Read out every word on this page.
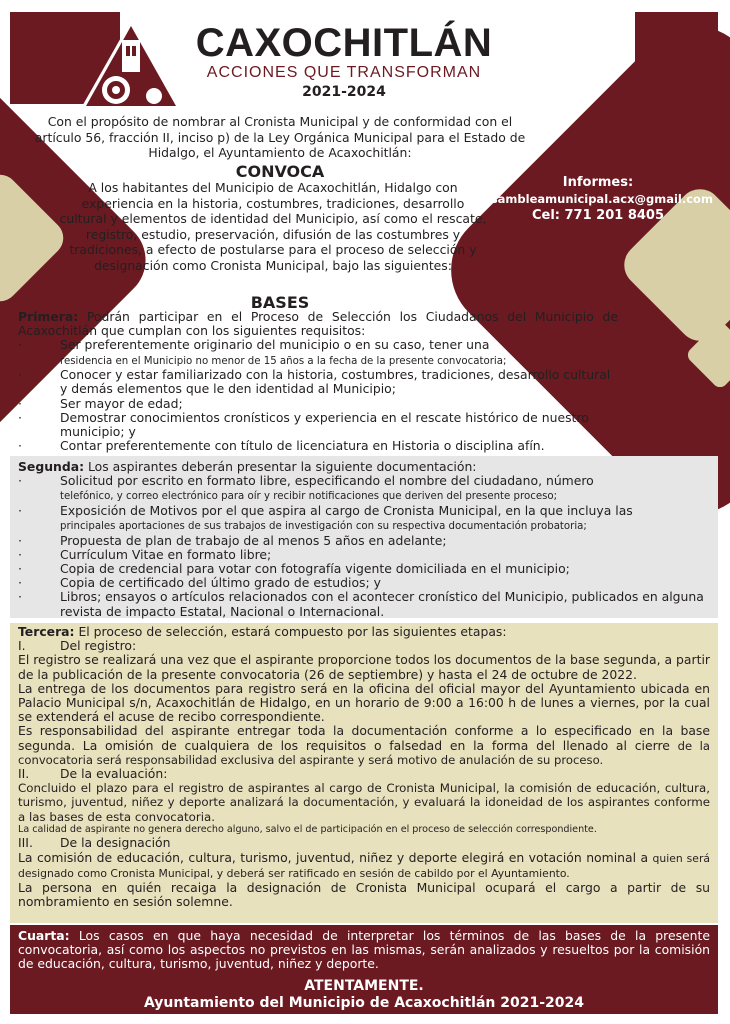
CAXOCHITLÁN
ACCIONES QUE TRANSFORMAN
2021-2024
Con el propósito de nombrar al Cronista Municipal y de conformidad con el artículo 56, fracción II, inciso p) de la Ley Orgánica Municipal para el Estado de Hidalgo, el Ayuntamiento de Acaxochitlán:
CONVOCA
A los habitantes del Municipio de Acaxochitlán, Hidalgo con experiencia en la historia, costumbres, tradiciones, desarrollo cultural y elementos de identidad del Municipio, así como el rescate, registro, estudio, preservación, difusión de las costumbres y tradiciones, a efecto de postularse para el proceso de selección y designación como Cronista Municipal, bajo las siguientes:
BASES
Informes:
asambleamunicipal.acx@gmail.com
Cel: 771 201 8405

Primera: Podrán participar en el Proceso de Selección los Ciudadanos del Municipio de Acaxochitlán que cumplan con los siguientes requisitos:

·	Ser preferentemente originario del municipio o en su caso, tener una
residencia en el Municipio no menor de 15 años a la fecha de la presente convocatoria;
·	Conocer y estar familiarizado con la historia, costumbres, tradiciones, desarrollo cultural y demás elementos que le den identidad al Municipio;
·	Ser mayor de edad;
·	Demostrar conocimientos cronísticos y experiencia en el rescate histórico de nuestro municipio; y
·	Contar preferentemente con título de licenciatura en Historia o disciplina afín.

Segunda: Los aspirantes deberán presentar la siguiente documentación:

·	Solicitud por escrito en formato libre, especificando el nombre del ciudadano, número
telefónico, y correo electrónico para oír y recibir notificaciones que deriven del presente proceso;
·	Exposición de Motivos por el que aspira al cargo de Cronista Municipal, en la que incluya las
principales aportaciones de sus trabajos de investigación con su respectiva documentación probatoria;
·	Propuesta de plan de trabajo de al menos 5 años en adelante;
·	Currículum Vitae en formato libre;
·	Copia de credencial para votar con fotografía vigente domiciliada en el municipio;
·	Copia de certificado del último grado de estudios; y
·	Libros; ensayos o artículos relacionados con el acontecer cronístico del Municipio, publicados en alguna revista de impacto Estatal, Nacional o Internacional.

Tercera: El proceso de selección, estará compuesto por las siguientes etapas:

I.	Del registro:

El registro se realizará una vez que el aspirante proporcione todos los documentos de la base segunda, a partir de la publicación de la presente convocatoria (26 de septiembre) y hasta el 24 de octubre de 2022.

La entrega de los documentos para registro será en la oficina del oficial mayor del Ayuntamiento ubicada en Palacio Municipal s/n, Acaxochitlán de Hidalgo, en un horario de 9:00 a 16:00 h de lunes a viernes, por la cual se extenderá el acuse de recibo correspondiente.

Es responsabilidad del aspirante entregar toda la documentación conforme a lo especificado en la base segunda. La omisión de cualquiera de los requisitos o falsedad en la forma del llenado al cierre de la convocatoria será responsabilidad exclusiva del aspirante y será motivo de anulación de su proceso.

II.	De la evaluación:

Concluido el plazo para el registro de aspirantes al cargo de Cronista Municipal, la comisión de educación, cultura, turismo, juventud, niñez y deporte analizará la documentación, y evaluará la idoneidad de los aspirantes conforme a las bases de esta convocatoria.

La calidad de aspirante no genera derecho alguno, salvo el de participación en el proceso de selección correspondiente.

III.	De la designación

La comisión de educación, cultura, turismo, juventud, niñez y deporte elegirá en votación nominal a quien será designado como Cronista Municipal, y deberá ser ratificado en sesión de cabildo por el Ayuntamiento.

La persona en quién recaiga la designación de Cronista Municipal ocupará el cargo a partir de su nombramiento en sesión solemne.

Cuarta: Los casos en que haya necesidad de interpretar los términos de las bases de la presente convocatoria, así como los aspectos no previstos en las mismas, serán analizados y resueltos por la comisión de educación, cultura, turismo, juventud, niñez y deporte.

ATENTAMENTE.
Ayuntamiento del Municipio de Acaxochitlán 2021-2024
